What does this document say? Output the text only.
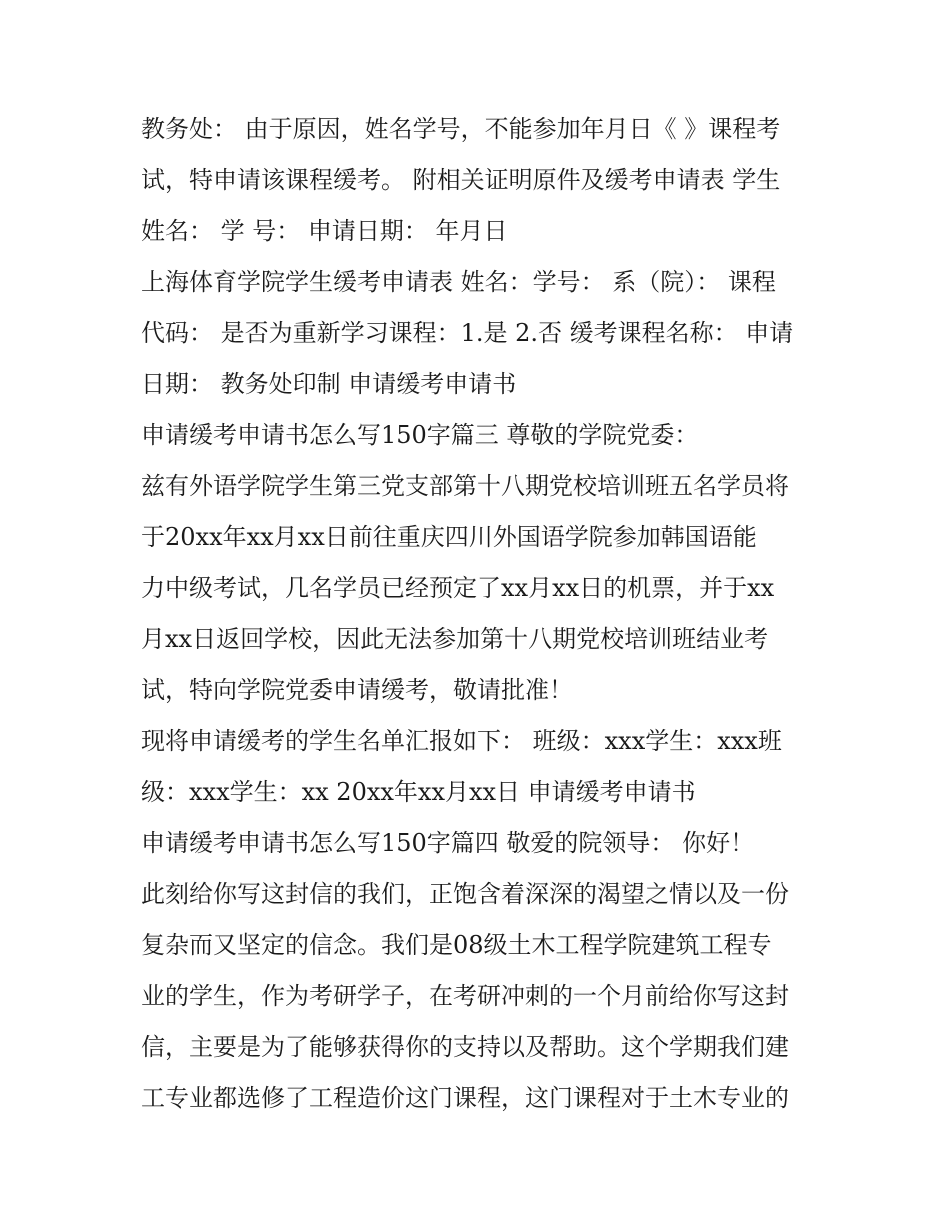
教务处： 由于原因，姓名学号，不能参加年月日《 》课程考
试，特申请该课程缓考。 附相关证明原件及缓考申请表 学生
姓名： 学 号： 申请日期： 年月日
上海体育学院学生缓考申请表 姓名：学号： 系（院）： 课程
代码： 是否为重新学习课程：1.是 2.否 缓考课程名称： 申请
日期： 教务处印制 申请缓考申请书
申请缓考申请书怎么写150字篇三 尊敬的学院党委：
兹有外语学院学生第三党支部第十八期党校培训班五名学员将
于20xx年xx月xx日前往重庆四川外国语学院参加韩国语能
力中级考试，几名学员已经预定了xx月xx日的机票，并于xx
月xx日返回学校，因此无法参加第十八期党校培训班结业考
试，特向学院党委申请缓考，敬请批准！
现将申请缓考的学生名单汇报如下： 班级：xxx学生：xxx班
级：xxx学生：xx 20xx年xx月xx日 申请缓考申请书
申请缓考申请书怎么写150字篇四 敬爱的院领导： 你好！
此刻给你写这封信的我们，正饱含着深深的渴望之情以及一份
复杂而又坚定的信念。我们是08级土木工程学院建筑工程专
业的学生，作为考研学子，在考研冲刺的一个月前给你写这封
信，主要是为了能够获得你的支持以及帮助。这个学期我们建
工专业都选修了工程造价这门课程，这门课程对于土木专业的
